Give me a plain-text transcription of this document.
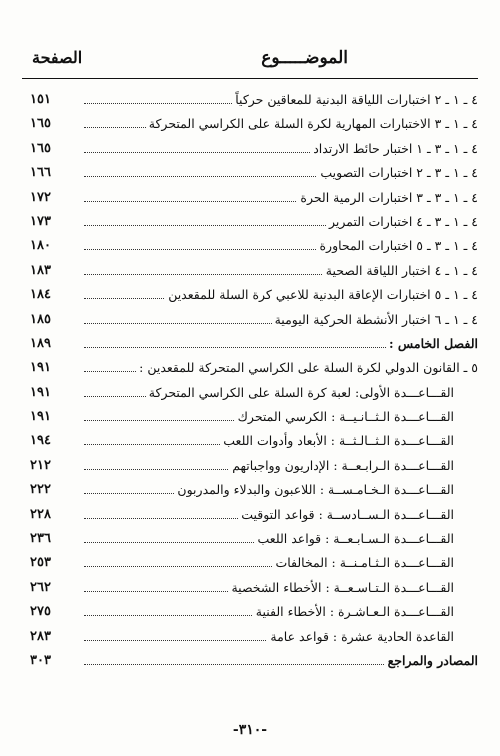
الموضـــــوع
الصفحة
٤ ـ ١ ـ ٢ اختبارات اللياقة البدنية للمعاقين حركياً
١٥١
٤ ـ ١ ـ ٣ الاختبارات المهارية لكرة السلة على الكراسي المتحركة
١٦٥
٤ ـ ١ ـ ٣ ـ ١ اختبار حائط الارتداد
١٦٥
٤ ـ ١ ـ ٣ ـ ٢ اختبارات التصويب
١٦٦
٤ ـ ١ ـ ٣ ـ ٣ اختبارات الرمية الحرة
١٧٢
٤ ـ ١ ـ ٣ ـ ٤ اختبارات التمرير
١٧٣
٤ ـ ١ ـ ٣ ـ ٥ اختبارات المحاورة
١٨٠
٤ ـ ١ ـ ٤ اختبار اللياقة الصحية
١٨٣
٤ ـ ١ ـ ٥ اختبارات الإعاقة البدنية للاعبي كرة السلة للمقعدين
١٨٤
٤ ـ ١ ـ ٦ اختبار الأنشطة الحركية اليومية
١٨٥
الفصل الخامس :
١٨٩
٥ ـ القانون الدولي لكرة السلة على الكراسي المتحركة للمقعدين :
١٩١
القـــاعـــدة الأولى: لعبة كرة السلة على الكراسي المتحركة
١٩١
القـــاعـــدة الـثــانـيــة : الكرسي المتحرك
١٩١
القـــاعـــدة الـثــالـثــة : الأبعاد وأدوات اللعب
١٩٤
القـــاعـــدة الـرابـعــة : الإداريون وواجباتهم
٢١٢
القـــاعـــدة الـخـامـســة : اللاعبون والبدلاء والمدربون
٢٢٢
القـــاعـــدة الـســادســة : قواعد التوقيت
٢٢٨
القـــاعـــدة الـسـابـعــة : قواعد اللعب
٢٣٦
القـــاعـــدة الـثـامـنــة : المخالفات
٢٥٣
القـــاعـــدة الـتـاسـعــة : الأخطاء الشخصية
٢٦٢
القـــاعـــدة الـعـاشـرة : الأخطاء الفنية
٢٧٥
القاعدة الحادية عشرة : قواعد عامة
٢٨٣
المصادر والمراجع
٣٠٣
-٣١٠-
